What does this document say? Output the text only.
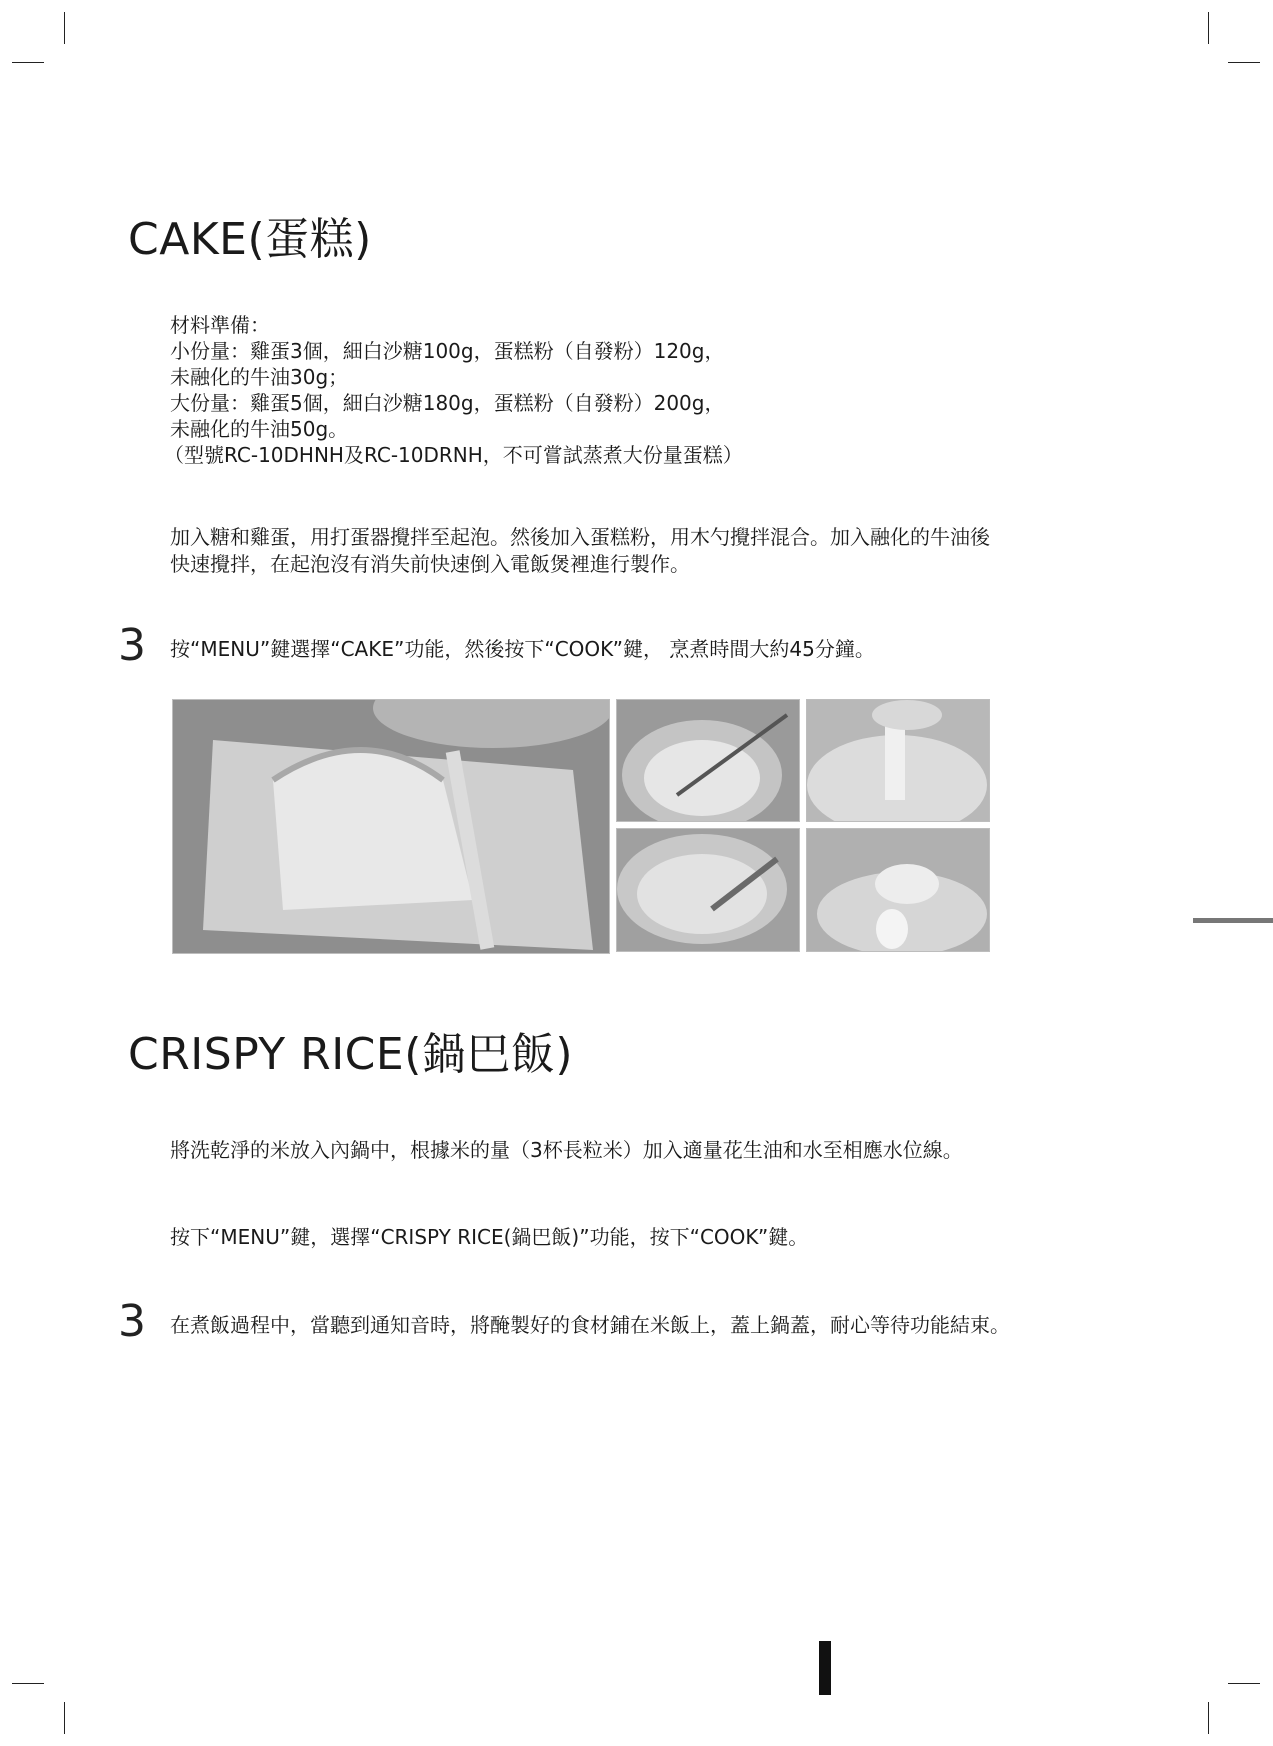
CAKE(蛋糕)

材料準備：

小份量：雞蛋3個，細白沙糖100g，蛋糕粉（自發粉）120g，

未融化的牛油30g；

大份量：雞蛋5個，細白沙糖180g，蛋糕粉（自發粉）200g，

未融化的牛油50g。

（型號RC-10DHNH及RC-10DRNH，不可嘗試蒸煮大份量蛋糕）

加入糖和雞蛋，用打蛋器攪拌至起泡。然後加入蛋糕粉，用木勺攪拌混合。加入融化的牛油後

快速攪拌，在起泡沒有消失前快速倒入電飯煲裡進行製作。

3 按“MENU”鍵選擇“CAKE”功能，然後按下“COOK”鍵， 烹煮時間大約45分鐘。

CRISPY RICE(鍋巴飯)

將洗乾淨的米放入內鍋中，根據米的量（3杯長粒米）加入適量花生油和水至相應水位線。

按下“MENU”鍵，選擇“CRISPY RICE(鍋巴飯)”功能，按下“COOK”鍵。

3 在煮飯過程中，當聽到通知音時，將醃製好的食材鋪在米飯上，蓋上鍋蓋，耐心等待功能結束。
